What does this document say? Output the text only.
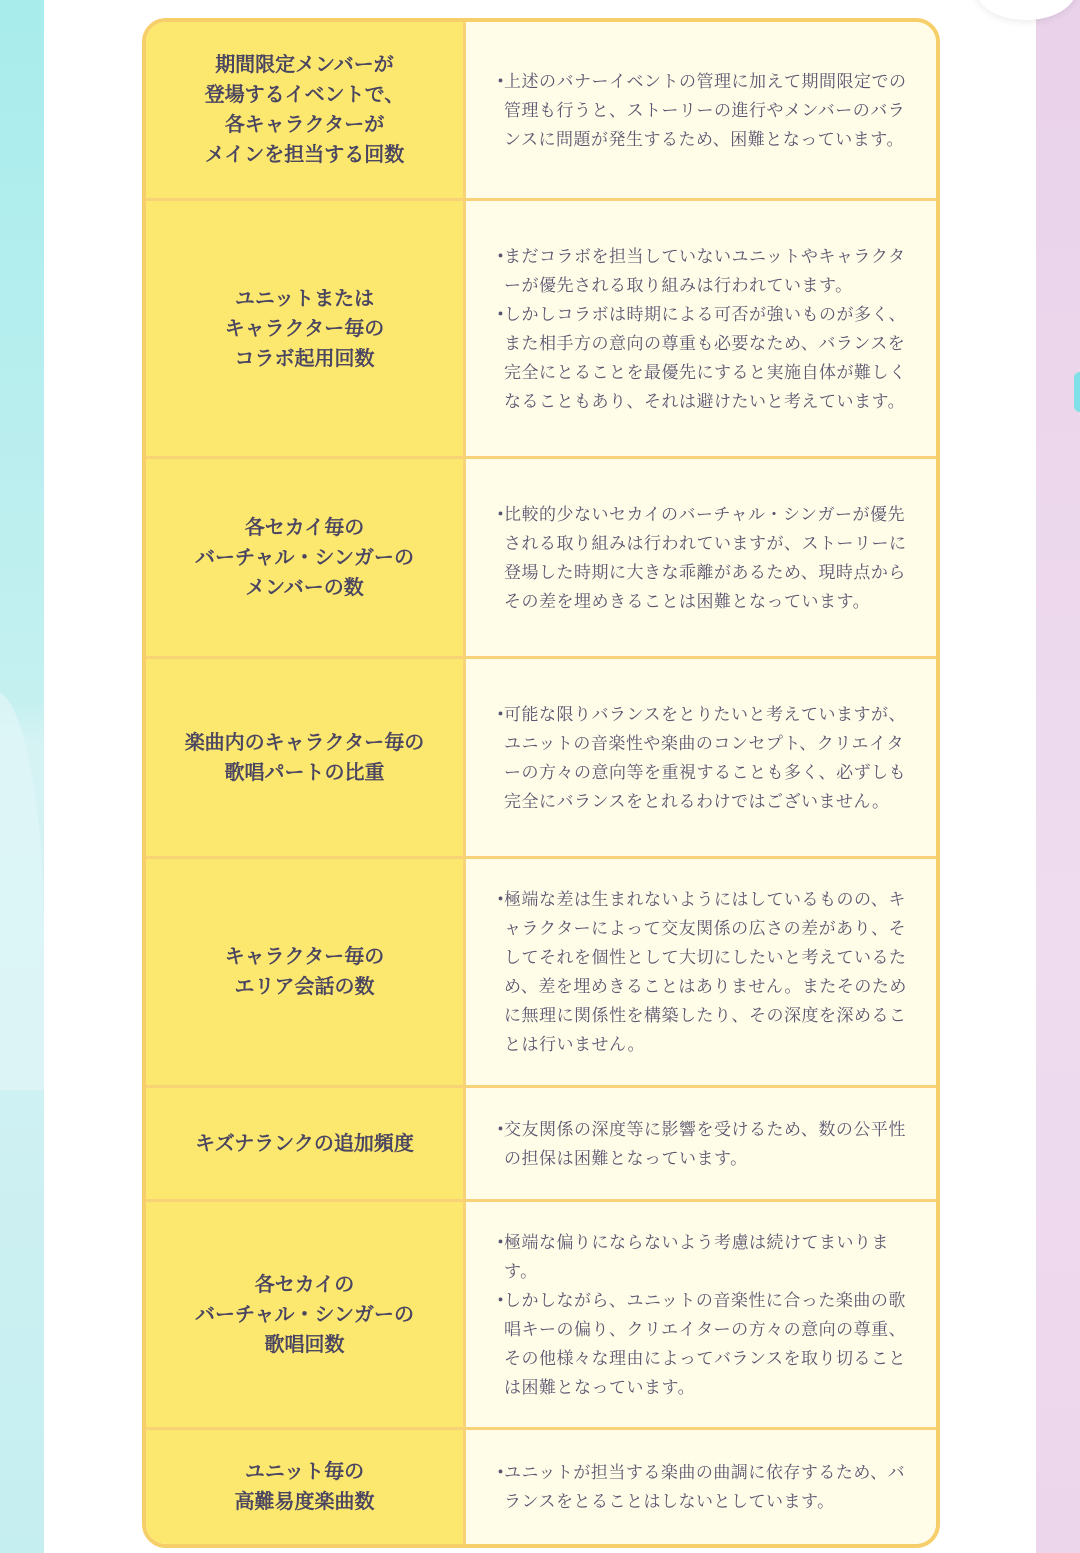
期間限定メンバーが
登場するイベントで、
各キャラクターが
メインを担当する回数
・
上述のバナーイベントの管理に加えて期間限定での管理も行うと、ストーリーの進行やメンバーのバランスに問題が発生するため、困難となっています。
ユニットまたは
キャラクター毎の
コラボ起用回数
・
まだコラボを担当していないユニットやキャラクターが優先される取り組みは行われています。
・
しかしコラボは時期による可否が強いものが多く、また相手方の意向の尊重も必要なため、バランスを完全にとることを最優先にすると実施自体が難しくなることもあり、それは避けたいと考えています。
各セカイ毎の
バーチャル・シンガーの
メンバーの数
・
比較的少ないセカイのバーチャル・シンガーが優先される取り組みは行われていますが、ストーリーに登場した時期に大きな乖離があるため、現時点からその差を埋めきることは困難となっています。
楽曲内のキャラクター毎の
歌唱パートの比重
・
可能な限りバランスをとりたいと考えていますが、ユニットの音楽性や楽曲のコンセプト、クリエイターの方々の意向等を重視することも多く、必ずしも完全にバランスをとれるわけではございません。
キャラクター毎の
エリア会話の数
・
極端な差は生まれないようにはしているものの、キャラクターによって交友関係の広さの差があり、そしてそれを個性として大切にしたいと考えているため、差を埋めきることはありません。またそのために無理に関係性を構築したり、その深度を深めることは行いません。
キズナランクの追加頻度
・
交友関係の深度等に影響を受けるため、数の公平性の担保は困難となっています。
各セカイの
バーチャル・シンガーの
歌唱回数
・
極端な偏りにならないよう考慮は続けてまいります。
・
しかしながら、ユニットの音楽性に合った楽曲の歌唱キーの偏り、クリエイターの方々の意向の尊重、その他様々な理由によってバランスを取り切ることは困難となっています。
ユニット毎の
高難易度楽曲数
・
ユニットが担当する楽曲の曲調に依存するため、バランスをとることはしないとしています。
